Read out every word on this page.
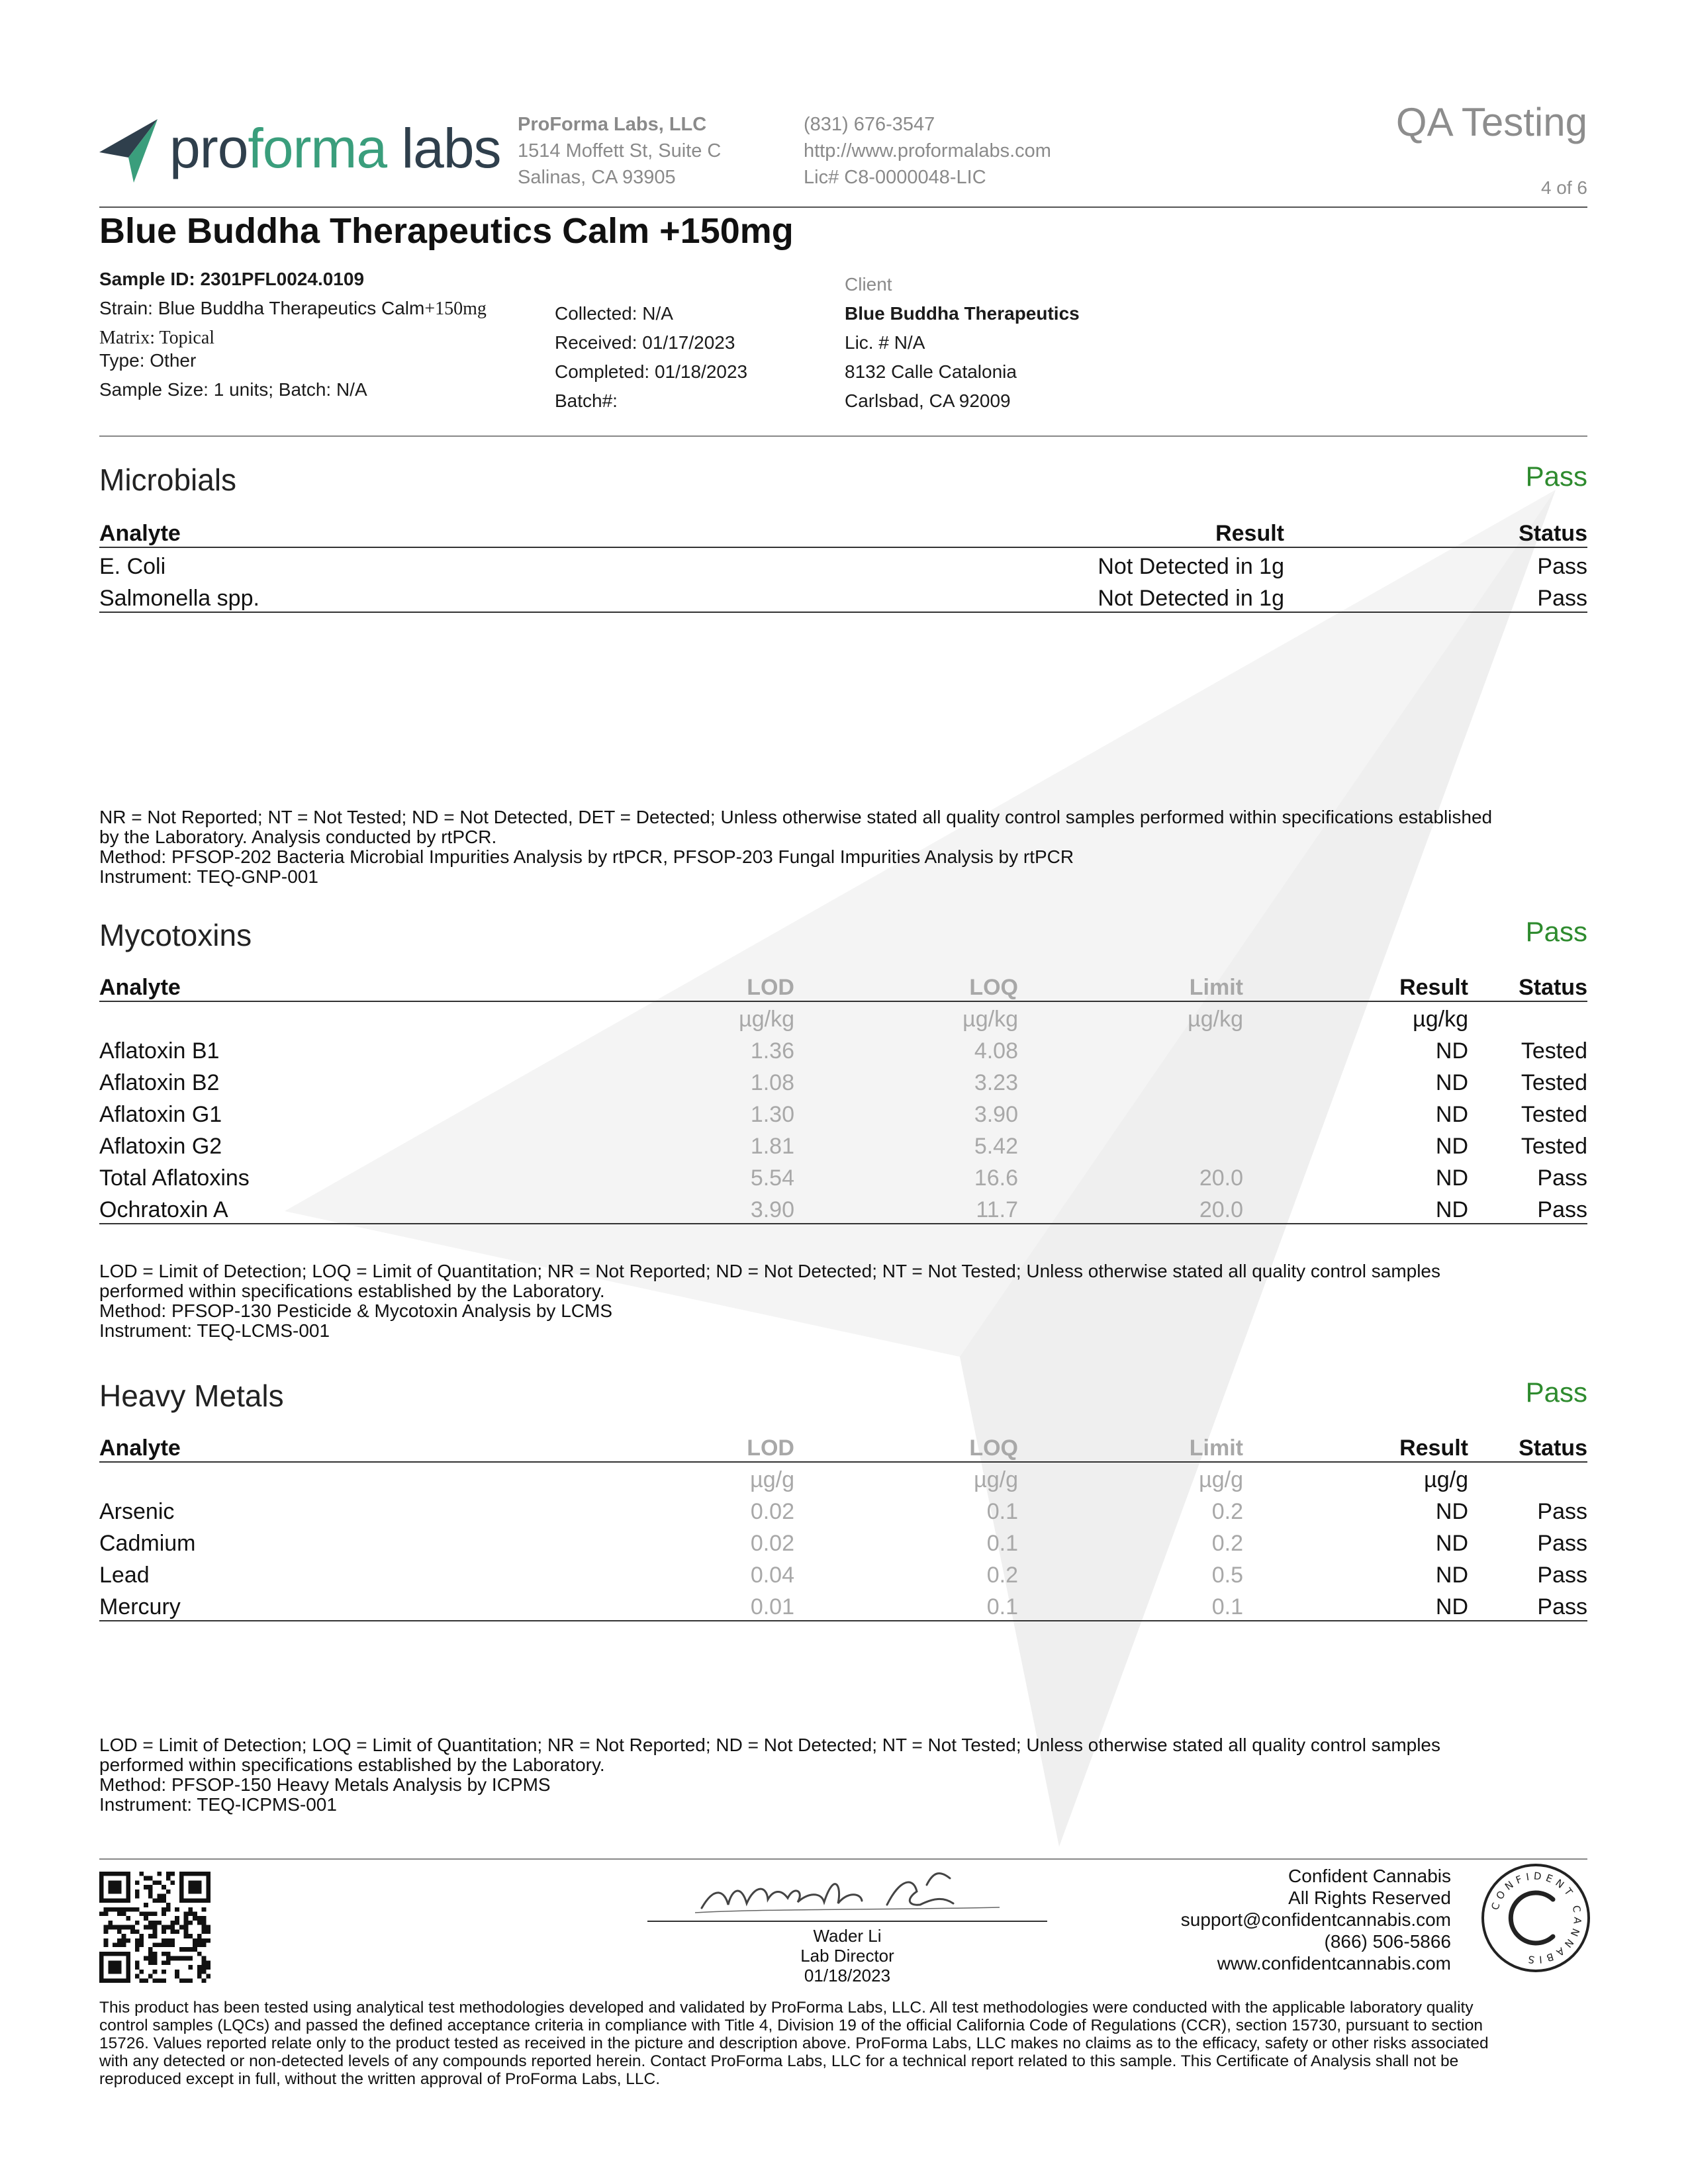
proforma labs ProForma Labs, LLC
1514 Moffett St, Suite C
Salinas, CA 93905
(831) 676-3547
http://www.proformalabs.com
Lic# C8-0000048-LIC
QA Testing
4 of 6
Blue Buddha Therapeutics Calm +150mg
Sample ID: 2301PFL0024.0109
Strain: Blue Buddha Therapeutics Calm+150mg
Matrix: Topical
Type: Other
Sample Size: 1 units; Batch: N/A
Collected: N/A
Received: 01/17/2023
Completed: 01/18/2023
Batch#:
Client
Blue Buddha Therapeutics
Lic. # N/A
8132 Calle Catalonia
Carlsbad, CA 92009
Microbials	Pass
Analyte	Result	Status
E. Coli	Not Detected in 1g	Pass
Salmonella spp.	Not Detected in 1g	Pass
NR = Not Reported; NT = Not Tested; ND = Not Detected, DET = Detected; Unless otherwise stated all quality control samples performed within specifications established
by the Laboratory. Analysis conducted by rtPCR.
Method: PFSOP-202 Bacteria Microbial Impurities Analysis by rtPCR, PFSOP-203 Fungal Impurities Analysis by rtPCR
Instrument: TEQ-GNP-001
Mycotoxins	Pass
Analyte	LOD	LOQ	Limit	Result	Status
	µg/kg	µg/kg	µg/kg	µg/kg	
Aflatoxin B1	1.36	4.08		ND	Tested
Aflatoxin B2	1.08	3.23		ND	Tested
Aflatoxin G1	1.30	3.90		ND	Tested
Aflatoxin G2	1.81	5.42		ND	Tested
Total Aflatoxins	5.54	16.6	20.0	ND	Pass
Ochratoxin A	3.90	11.7	20.0	ND	Pass
LOD = Limit of Detection; LOQ = Limit of Quantitation; NR = Not Reported; ND = Not Detected; NT = Not Tested; Unless otherwise stated all quality control samples
performed within specifications established by the Laboratory.
Method: PFSOP-130 Pesticide & Mycotoxin Analysis by LCMS
Instrument: TEQ-LCMS-001
Heavy Metals	Pass
Analyte	LOD	LOQ	Limit	Result	Status
	µg/g	µg/g	µg/g	µg/g	
Arsenic	0.02	0.1	0.2	ND	Pass
Cadmium	0.02	0.1	0.2	ND	Pass
Lead	0.04	0.2	0.5	ND	Pass
Mercury	0.01	0.1	0.1	ND	Pass
LOD = Limit of Detection; LOQ = Limit of Quantitation; NR = Not Reported; ND = Not Detected; NT = Not Tested; Unless otherwise stated all quality control samples
performed within specifications established by the Laboratory.
Method: PFSOP-150 Heavy Metals Analysis by ICPMS
Instrument: TEQ-ICPMS-001
Wader Li
Lab Director
01/18/2023
Confident Cannabis
All Rights Reserved
support@confidentcannabis.com
(866) 506-5866
www.confidentcannabis.com
CONFIDENT CANNABIS
This product has been tested using analytical test methodologies developed and validated by ProForma Labs, LLC. All test methodologies were conducted with the applicable laboratory quality
control samples (LQCs) and passed the defined acceptance criteria in compliance with Title 4, Division 19 of the official California Code of Regulations (CCR), section 15730, pursuant to section
15726. Values reported relate only to the product tested as received in the picture and description above. ProForma Labs, LLC makes no claims as to the efficacy, safety or other risks associated
with any detected or non-detected levels of any compounds reported herein. Contact ProForma Labs, LLC for a technical report related to this sample. This Certificate of Analysis shall not be
reproduced except in full, without the written approval of ProForma Labs, LLC.
